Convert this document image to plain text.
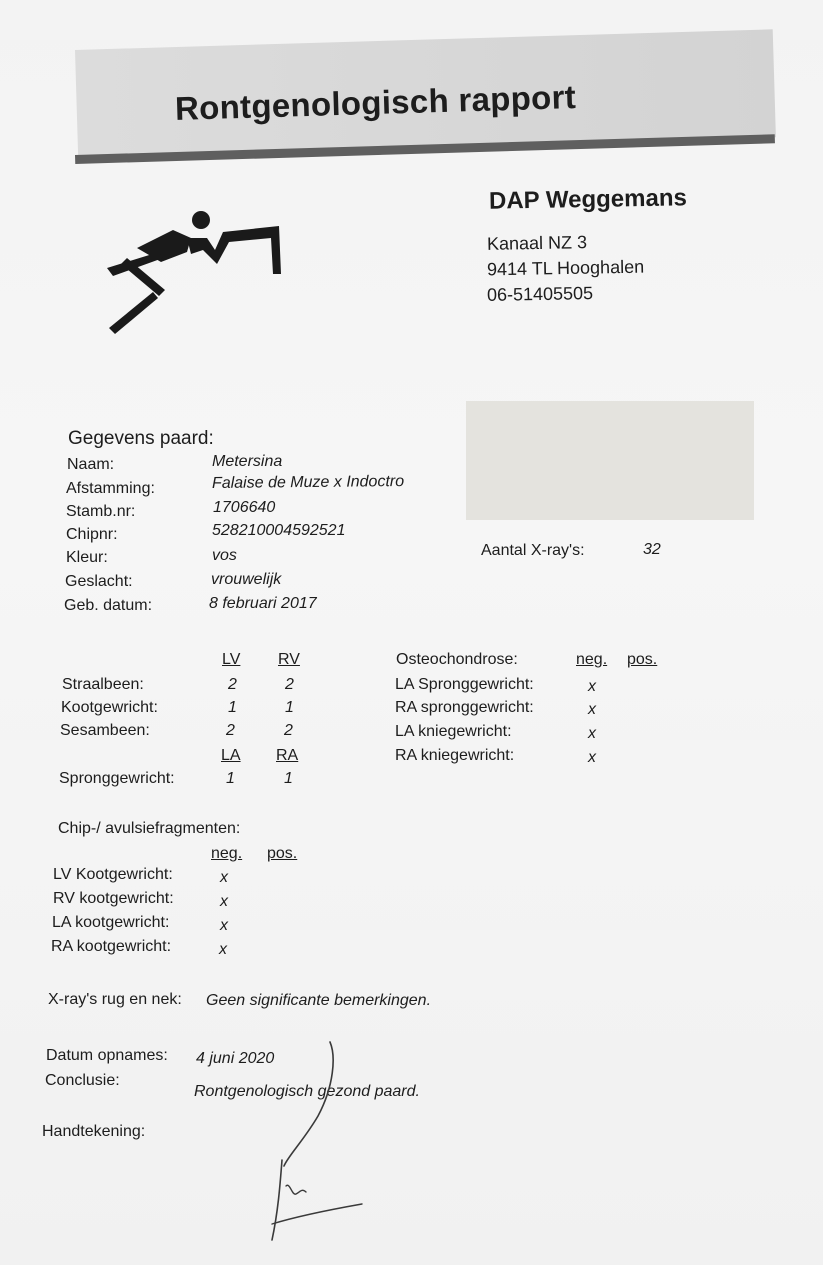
Rontgenologisch rapport
DAP Weggemans
Kanaal NZ 3
9414 TL Hooghalen
06-51405505
Gegevens paard:
Naam:	Metersina
Afstamming:	Falaise de Muze x Indoctro
Stamb.nr:	1706640
Chipnr:	528210004592521
Kleur:	vos
Geslacht:	vrouwelijk
Geb. datum:	8 februari 2017
Aantal X-ray's:	32
LV RV
Straalbeen:	2	2
Kootgewricht:	1	1
Sesambeen:	2	2
LA RA
Spronggewricht:	1	1
Osteochondrose:	neg. pos.
LA Spronggewricht:	x
RA spronggewricht:	x
LA kniegewricht:	x
RA kniegewricht:	x
Chip-/ avulsiefragmenten:
neg. pos.
LV Kootgewricht:	x
RV kootgewricht:	x
LA kootgewricht:	x
RA kootgewricht:	x
X-ray's rug en nek: Geen significante bemerkingen.
Datum opnames: 4 juni 2020
Conclusie:
Rontgenologisch gezond paard.
Handtekening:
